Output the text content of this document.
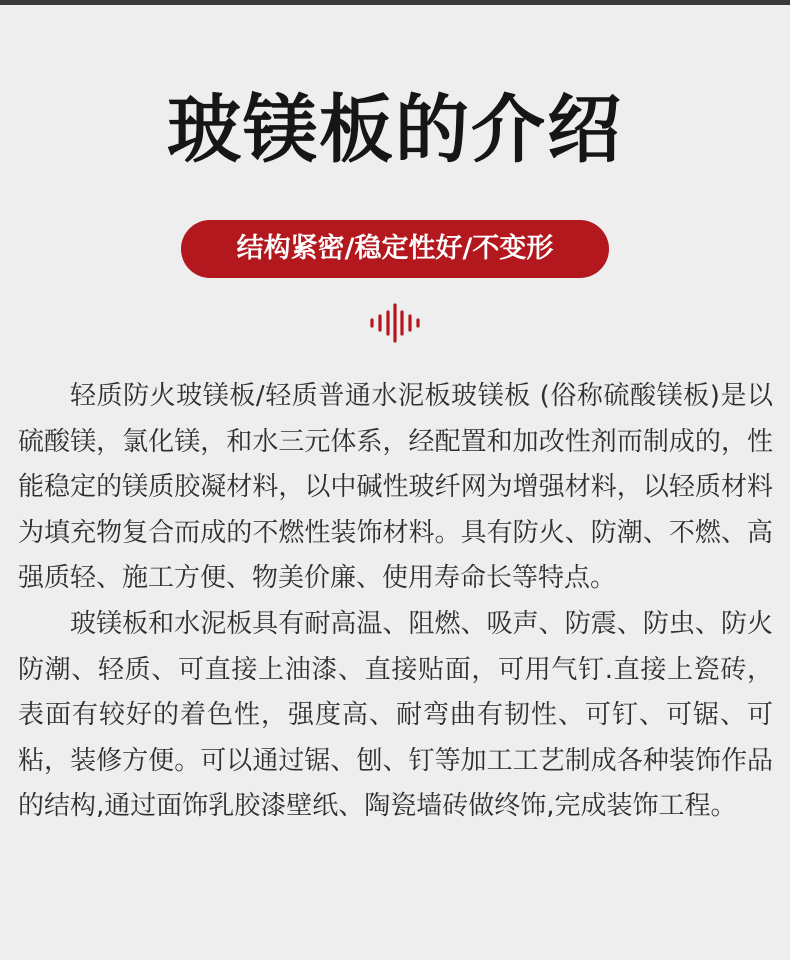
玻镁板的介绍
结构紧密/稳定性好/不变形

轻质防火玻镁板/轻质普通水泥板玻镁板 (俗称硫酸镁板)是以硫酸镁，氯化镁，和水三元体系，经配置和加改性剂而制成的，性能稳定的镁质胶凝材料，以中碱性玻纤网为增强材料，以轻质材料为填充物复合而成的不燃性装饰材料。具有防火、防潮、不燃、高强质轻、施工方便、物美价廉、使用寿命长等特点。

玻镁板和水泥板具有耐高温、阻燃、吸声、防震、防虫、防火防潮、轻质、可直接上油漆、直接贴面，可用气钉.直接上瓷砖，表面有较好的着色性，强度高、耐弯曲有韧性、可钉、可锯、可粘，装修方便。可以通过锯、刨、钉等加工工艺制成各种装饰作品的结构,通过面饰乳胶漆壁纸、陶瓷墙砖做终饰,完成装饰工程。
